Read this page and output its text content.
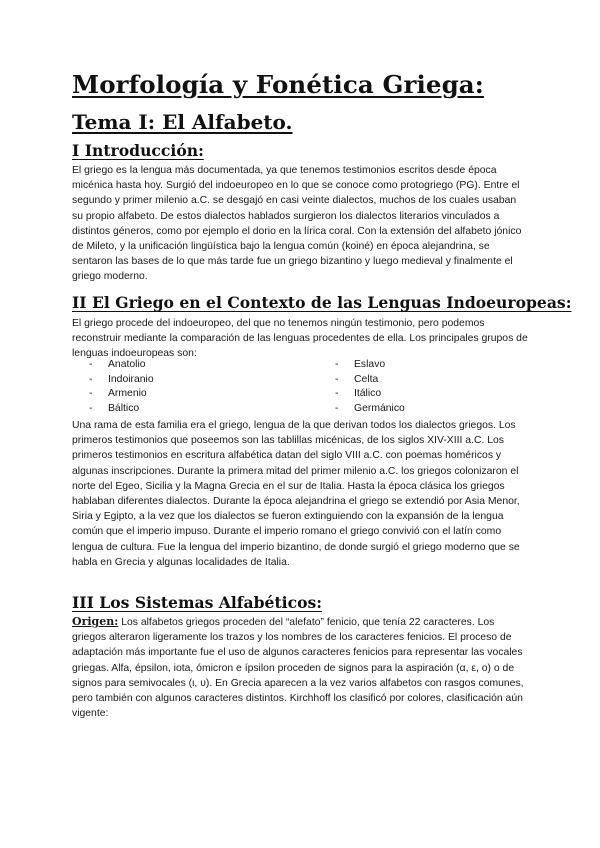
Morfología y Fonética Griega:
Tema I: El Alfabeto.
I Introducción:
El griego es la lengua más documentada, ya que tenemos testimonios escritos desde época micénica hasta hoy. Surgió del indoeuropeo en lo que se conoce como protogriego (PG). Entre el segundo y primer milenio a.C. se desgajó en casi veinte dialectos, muchos de los cuales usaban su propio alfabeto. De estos dialectos hablados surgieron los dialectos literarios vinculados a distintos géneros, como por ejemplo el dorio en la lírica coral. Con la extensión del alfabeto jónico de Mileto, y la unificación lingüística bajo la lengua común (koiné) en época alejandrina, se sentaron las bases de lo que más tarde fue un griego bizantino y luego medieval y finalmente el griego moderno.
II El Griego en el Contexto de las Lenguas Indoeuropeas:
El griego procede del indoeuropeo, del que no tenemos ningún testimonio, pero podemos reconstruir mediante la comparación de las lenguas procedentes de ella. Los principales grupos de lenguas indoeuropeas son:
-	Anatolio
-	Indoiranio
-	Armenio
-	Báltico
-	Eslavo
-	Celta
-	Itálico
-	Germánico
Una rama de esta familia era el griego, lengua de la que derivan todos los dialectos griegos. Los primeros testimonios que poseemos son las tablillas micénicas, de los siglos XIV-XIII a.C. Los primeros testimonios en escritura alfabética datan del siglo VIII a.C. con poemas homéricos y algunas inscripciones. Durante la primera mitad del primer milenio a.C. los griegos colonizaron el norte del Egeo, Sicilia y la Magna Grecia en el sur de Italia. Hasta la época clásica los griegos hablaban diferentes dialectos. Durante la época alejandrina el griego se extendió por Asia Menor, Siria y Egipto, a la vez que los dialectos se fueron extinguiendo con la expansión de la lengua común que el imperio impuso. Durante el imperio romano el griego convivió con el latín como lengua de cultura. Fue la lengua del imperio bizantino, de donde surgió el griego moderno que se habla en Grecia y algunas localidades de Italia.
III Los Sistemas Alfabéticos:
Origen: Los alfabetos griegos proceden del “alefato” fenicio, que tenía 22 caracteres. Los griegos alteraron ligeramente los trazos y los nombres de los caracteres fenicios. El proceso de adaptación más importante fue el uso de algunos caracteres fenicios para representar las vocales griegas. Alfa, épsilon, iota, ómicron e ípsilon proceden de signos para la aspiración (α, ε, ο) o de signos para semivocales (ι, υ). En Grecia aparecen a la vez varios alfabetos con rasgos comunes, pero también con algunos caracteres distintos. Kirchhoff los clasificó por colores, clasificación aún vigente:
